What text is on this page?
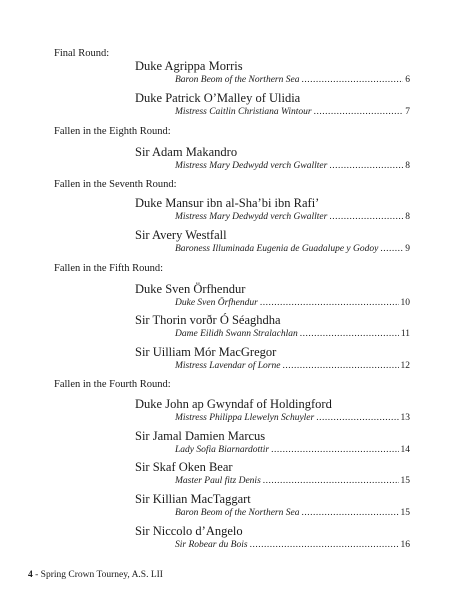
Final Round:
Duke Agrippa Morris
Baron Beom of the Northern Sea .....	6
Duke Patrick O’Malley of Ulidia
Mistress Caitlin Christiana Wintour .....	7
Fallen in the Eighth Round:
Sir Adam Makandro
Mistress Mary Dedwydd verch Gwallter .....	8
Fallen in the Seventh Round:
Duke Mansur ibn al-Sha’bi ibn Rafi’
Mistress Mary Dedwydd verch Gwallter .....	8
Sir Avery Westfall
Baroness Illuminada Eugenia de Guadalupe y Godoy .....	9
Fallen in the Fifth Round:
Duke Sven Örfhendur
Duke Sven Örfhendur .....	10
Sir Thorin vorðr Ó Séaghdha
Dame Eilidh Swann Stralachlan .....	11
Sir Uilliam Mór MacGregor
Mistress Lavendar of Lorne .....	12
Fallen in the Fourth Round:
Duke John ap Gwyndaf of Holdingford
Mistress Philippa Llewelyn Schuyler .....	13
Sir Jamal Damien Marcus
Lady Sofia Biarnardottir .....	14
Sir Skaf Oken Bear
Master Paul fitz Denis .....	15
Sir Killian MacTaggart
Baron Beom of the Northern Sea .....	15
Sir Niccolo d’Angelo
Sir Robear du Bois .....	16
4 - Spring Crown Tourney, A.S. LII
